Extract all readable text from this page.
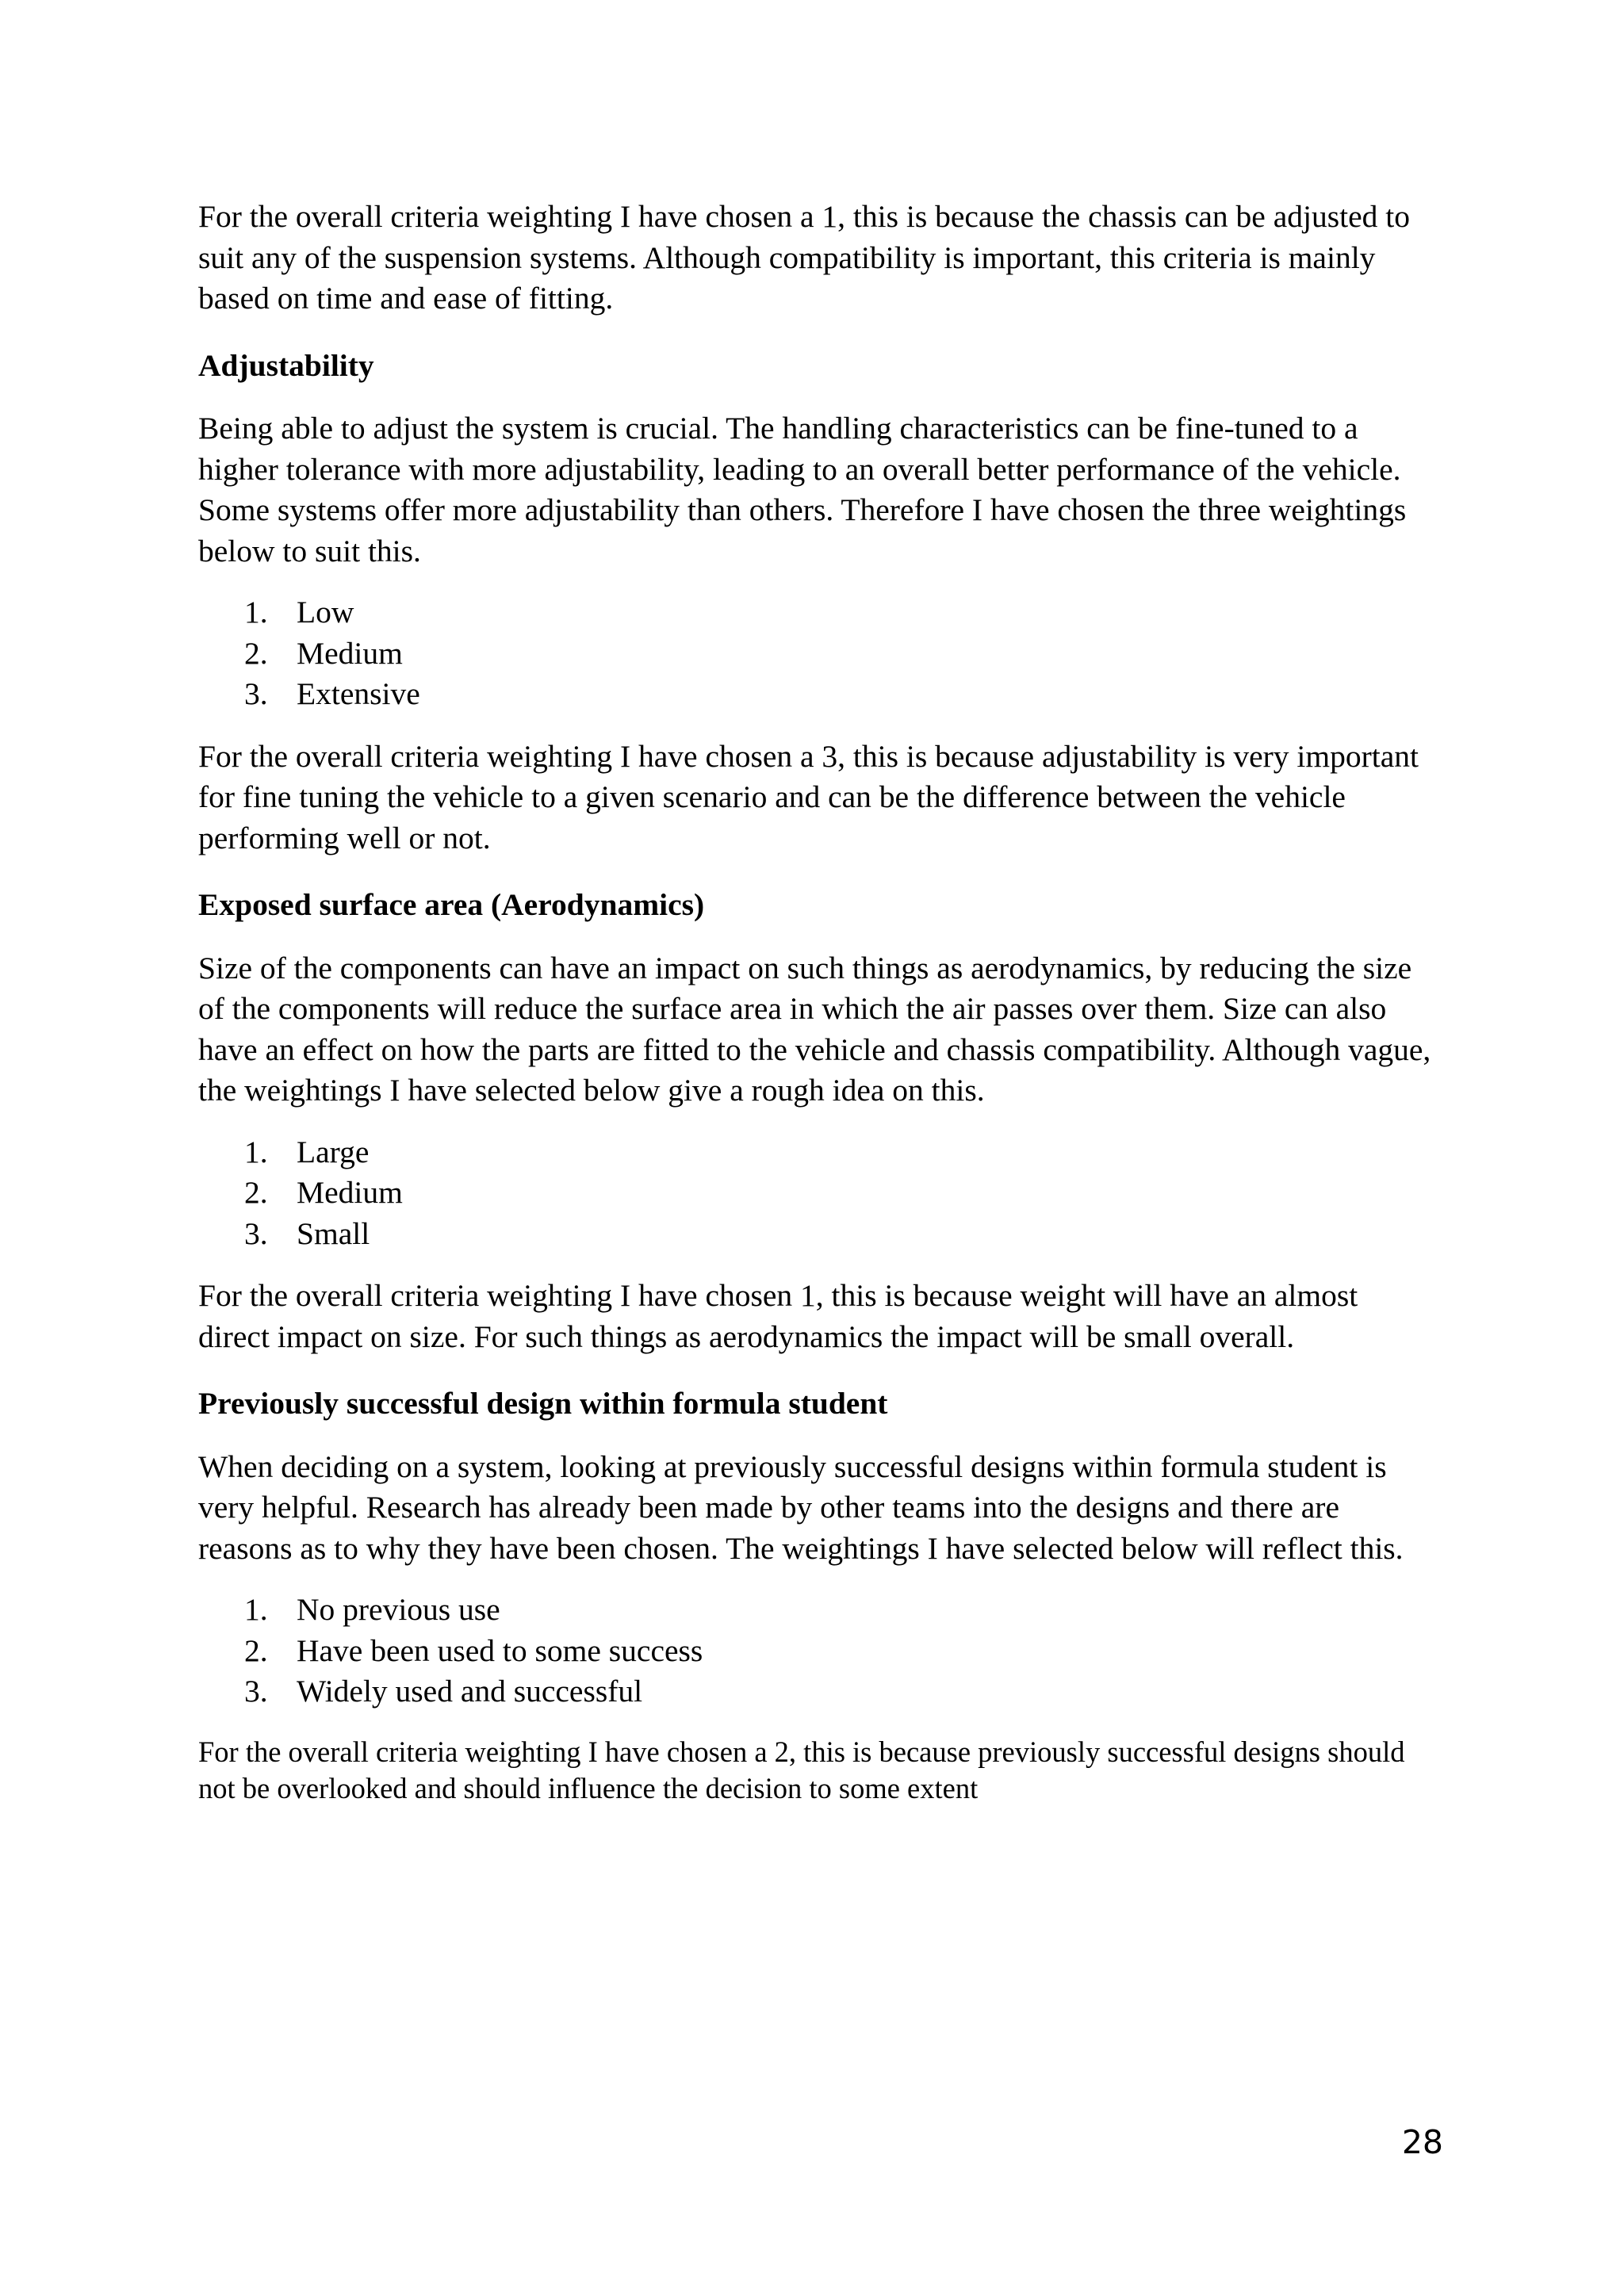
For the overall criteria weighting I have chosen a 1, this is because the chassis can be adjusted to suit any of the suspension systems. Although compatibility is important, this criteria is mainly based on time and ease of fitting.

Adjustability

Being able to adjust the system is crucial. The handling characteristics can be fine-tuned to a higher tolerance with more adjustability, leading to an overall better performance of the vehicle. Some systems offer more adjustability than others. Therefore I have chosen the three weightings below to suit this.

1. Low
2. Medium
3. Extensive

For the overall criteria weighting I have chosen a 3, this is because adjustability is very important for fine tuning the vehicle to a given scenario and can be the difference between the vehicle performing well or not.

Exposed surface area (Aerodynamics)

Size of the components can have an impact on such things as aerodynamics, by reducing the size of the components will reduce the surface area in which the air passes over them. Size can also have an effect on how the parts are fitted to the vehicle and chassis compatibility. Although vague, the weightings I have selected below give a rough idea on this.

1. Large
2. Medium
3. Small

For the overall criteria weighting I have chosen 1, this is because weight will have an almost direct impact on size. For such things as aerodynamics the impact will be small overall.

Previously successful design within formula student

When deciding on a system, looking at previously successful designs within formula student is very helpful. Research has already been made by other teams into the designs and there are reasons as to why they have been chosen. The weightings I have selected below will reflect this.

1. No previous use
2. Have been used to some success
3. Widely used and successful

For the overall criteria weighting I have chosen a 2, this is because previously successful designs should not be overlooked and should influence the decision to some extent

28
